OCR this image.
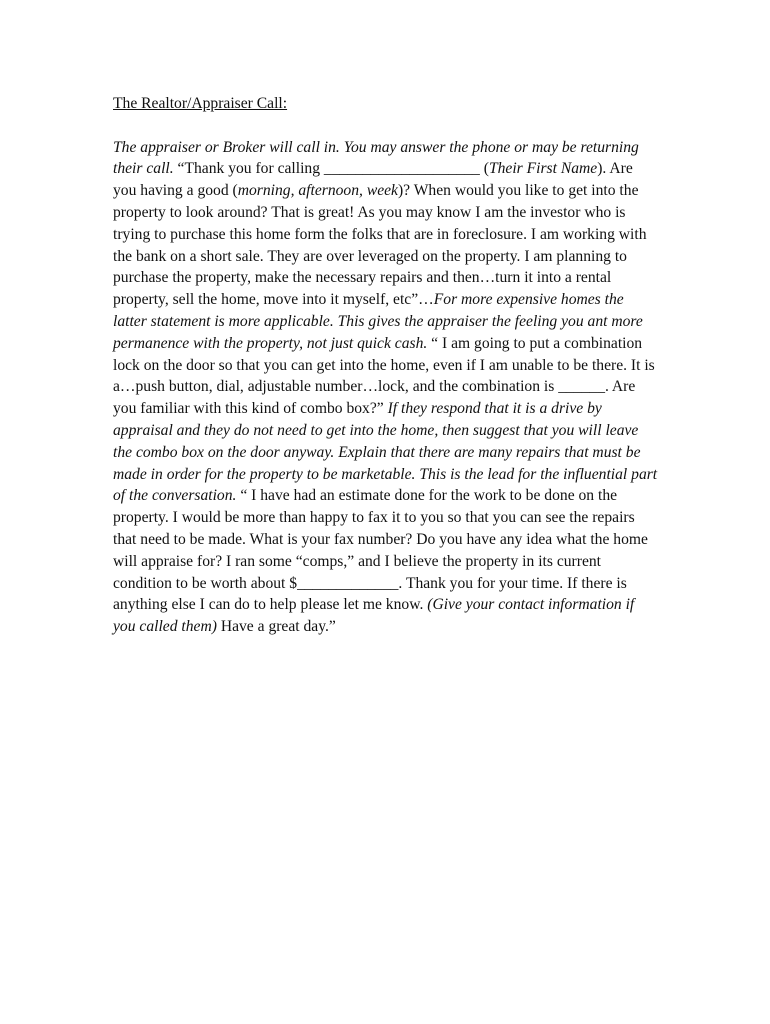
The Realtor/Appraiser Call:

The appraiser or Broker will call in. You may answer the phone or may be returning their call. “Thank you for calling ____________________ (Their First Name). Are you having a good (morning, afternoon, week)? When would you like to get into the property to look around? That is great! As you may know I am the investor who is trying to purchase this home form the folks that are in foreclosure. I am working with the bank on a short sale. They are over leveraged on the property. I am planning to purchase the property, make the necessary repairs and then…turn it into a rental property, sell the home, move into it myself, etc”…For more expensive homes the latter statement is more applicable. This gives the appraiser the feeling you ant more permanence with the property, not just quick cash. “ I am going to put a combination lock on the door so that you can get into the home, even if I am unable to be there. It is a…push button, dial, adjustable number…lock, and the combination is ______. Are you familiar with this kind of combo box?” If they respond that it is a drive by appraisal and they do not need to get into the home, then suggest that you will leave the combo box on the door anyway. Explain that there are many repairs that must be made in order for the property to be marketable. This is the lead for the influential part of the conversation. “ I have had an estimate done for the work to be done on the property. I would be more than happy to fax it to you so that you can see the repairs that need to be made. What is your fax number? Do you have any idea what the home will appraise for? I ran some “comps,” and I believe the property in its current condition to be worth about $_____________. Thank you for your time. If there is anything else I can do to help please let me know. (Give your contact information if you called them) Have a great day.”
